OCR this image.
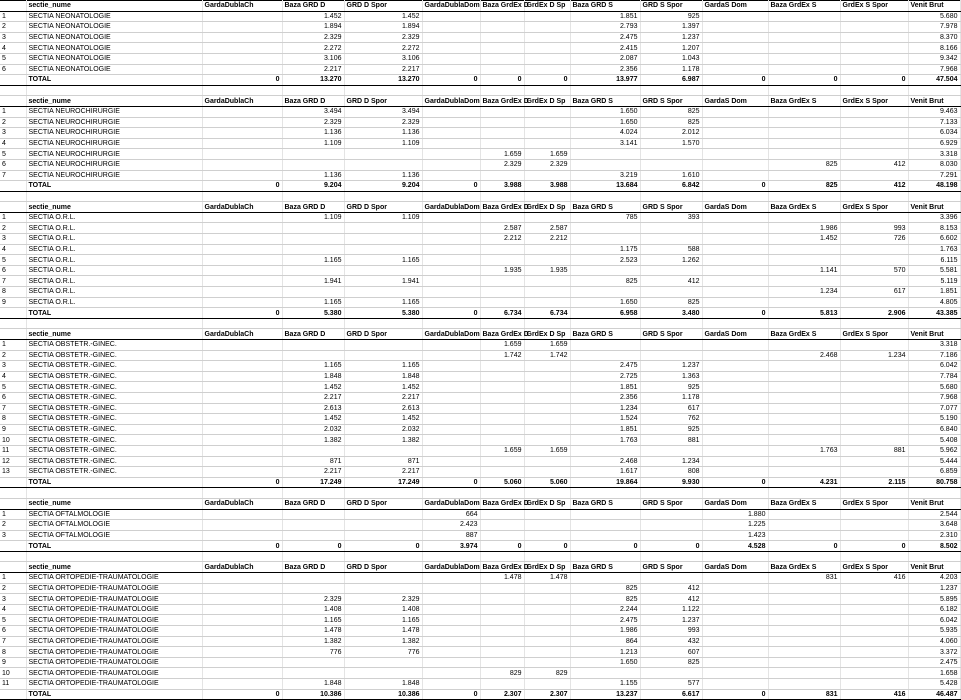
	sectie_nume	GardaDublaCh	Baza GRD D	GRD D Spor	GardaDublaDom	Baza GrdEx D	GrdEx D Sp	Baza GRD S	GRD S Spor	GardaS Dom	Baza GrdEx S	GrdEx S Spor	Venit Brut
1	SECTIA NEONATOLOGIE		1.452	1.452				1.851	925				5.680
2	SECTIA NEONATOLOGIE		1.894	1.894				2.793	1.397				7.978
3	SECTIA NEONATOLOGIE		2.329	2.329				2.475	1.237				8.370
4	SECTIA NEONATOLOGIE		2.272	2.272				2.415	1.207				8.166
5	SECTIA NEONATOLOGIE		3.106	3.106				2.087	1.043				9.342
6	SECTIA NEONATOLOGIE		2.217	2.217				2.356	1.178				7.968
	TOTAL	0	13.270	13.270	0	0	0	13.977	6.987	0	0	0	47.504

	sectie_nume	GardaDublaCh	Baza GRD D	GRD D Spor	GardaDublaDom	Baza GrdEx D	GrdEx D Sp	Baza GRD S	GRD S Spor	GardaS Dom	Baza GrdEx S	GrdEx S Spor	Venit Brut
1	SECTIA NEUROCHIRURGIE		3.494	3.494				1.650	825				9.463
2	SECTIA NEUROCHIRURGIE		2.329	2.329				1.650	825				7.133
3	SECTIA NEUROCHIRURGIE		1.136	1.136				4.024	2.012				6.034
4	SECTIA NEUROCHIRURGIE		1.109	1.109				3.141	1.570				6.929
5	SECTIA NEUROCHIRURGIE					1.659	1.659						3.318
6	SECTIA NEUROCHIRURGIE					2.329	2.329				825	412	8.030
7	SECTIA NEUROCHIRURGIE		1.136	1.136				3.219	1.610				7.291
	TOTAL	0	9.204	9.204	0	3.988	3.988	13.684	6.842	0	825	412	48.198

	sectie_nume	GardaDublaCh	Baza GRD D	GRD D Spor	GardaDublaDom	Baza GrdEx D	GrdEx D Sp	Baza GRD S	GRD S Spor	GardaS Dom	Baza GrdEx S	GrdEx S Spor	Venit Brut
1	SECTIA O.R.L.		1.109	1.109				785	393				3.396
2	SECTIA O.R.L.					2.587	2.587				1.986	993	8.153
3	SECTIA O.R.L.					2.212	2.212				1.452	726	6.602
4	SECTIA O.R.L.							1.175	588				1.763
5	SECTIA O.R.L.		1.165	1.165				2.523	1.262				6.115
6	SECTIA O.R.L.					1.935	1.935				1.141	570	5.581
7	SECTIA O.R.L.		1.941	1.941				825	412				5.119
8	SECTIA O.R.L.										1.234	617	1.851
9	SECTIA O.R.L.		1.165	1.165				1.650	825				4.805
	TOTAL	0	5.380	5.380	0	6.734	6.734	6.958	3.480	0	5.813	2.906	43.385

	sectie_nume	GardaDublaCh	Baza GRD D	GRD D Spor	GardaDublaDom	Baza GrdEx D	GrdEx D Sp	Baza GRD S	GRD S Spor	GardaS Dom	Baza GrdEx S	GrdEx S Spor	Venit Brut
1	SECTIA OBSTETR.-GINEC.					1.659	1.659						3.318
2	SECTIA OBSTETR.-GINEC.					1.742	1.742				2.468	1.234	7.186
3	SECTIA OBSTETR.-GINEC.		1.165	1.165				2.475	1.237				6.042
4	SECTIA OBSTETR.-GINEC.		1.848	1.848				2.725	1.363				7.784
5	SECTIA OBSTETR.-GINEC.		1.452	1.452				1.851	925				5.680
6	SECTIA OBSTETR.-GINEC.		2.217	2.217				2.356	1.178				7.968
7	SECTIA OBSTETR.-GINEC.		2.613	2.613				1.234	617				7.077
8	SECTIA OBSTETR.-GINEC.		1.452	1.452				1.524	762				5.190
9	SECTIA OBSTETR.-GINEC.		2.032	2.032				1.851	925				6.840
10	SECTIA OBSTETR.-GINEC.		1.382	1.382				1.763	881				5.408
11	SECTIA OBSTETR.-GINEC.					1.659	1.659				1.763	881	5.962
12	SECTIA OBSTETR.-GINEC.		871	871				2.468	1.234				5.444
13	SECTIA OBSTETR.-GINEC.		2.217	2.217				1.617	808				6.859
	TOTAL	0	17.249	17.249	0	5.060	5.060	19.864	9.930	0	4.231	2.115	80.758

	sectie_nume	GardaDublaCh	Baza GRD D	GRD D Spor	GardaDublaDom	Baza GrdEx D	GrdEx D Sp	Baza GRD S	GRD S Spor	GardaS Dom	Baza GrdEx S	GrdEx S Spor	Venit Brut
1	SECTIA OFTALMOLOGIE				664					1.880			2.544
2	SECTIA OFTALMOLOGIE				2.423					1.225			3.648
3	SECTIA OFTALMOLOGIE				887					1.423			2.310
	TOTAL	0	0	0	3.974	0	0	0	0	4.528	0	0	8.502

	sectie_nume	GardaDublaCh	Baza GRD D	GRD D Spor	GardaDublaDom	Baza GrdEx D	GrdEx D Sp	Baza GRD S	GRD S Spor	GardaS Dom	Baza GrdEx S	GrdEx S Spor	Venit Brut
1	SECTIA ORTOPEDIE-TRAUMATOLOGIE					1.478	1.478				831	416	4.203
2	SECTIA ORTOPEDIE-TRAUMATOLOGIE							825	412				1.237
3	SECTIA ORTOPEDIE-TRAUMATOLOGIE		2.329	2.329				825	412				5.895
4	SECTIA ORTOPEDIE-TRAUMATOLOGIE		1.408	1.408				2.244	1.122				6.182
5	SECTIA ORTOPEDIE-TRAUMATOLOGIE		1.165	1.165				2.475	1.237				6.042
6	SECTIA ORTOPEDIE-TRAUMATOLOGIE		1.478	1.478				1.986	993				5.935
7	SECTIA ORTOPEDIE-TRAUMATOLOGIE		1.382	1.382				864	432				4.060
8	SECTIA ORTOPEDIE-TRAUMATOLOGIE		776	776				1.213	607				3.372
9	SECTIA ORTOPEDIE-TRAUMATOLOGIE							1.650	825				2.475
10	SECTIA ORTOPEDIE-TRAUMATOLOGIE					829	829						1.658
11	SECTIA ORTOPEDIE-TRAUMATOLOGIE		1.848	1.848				1.155	577				5.428
	TOTAL	0	10.386	10.386	0	2.307	2.307	13.237	6.617	0	831	416	46.487
